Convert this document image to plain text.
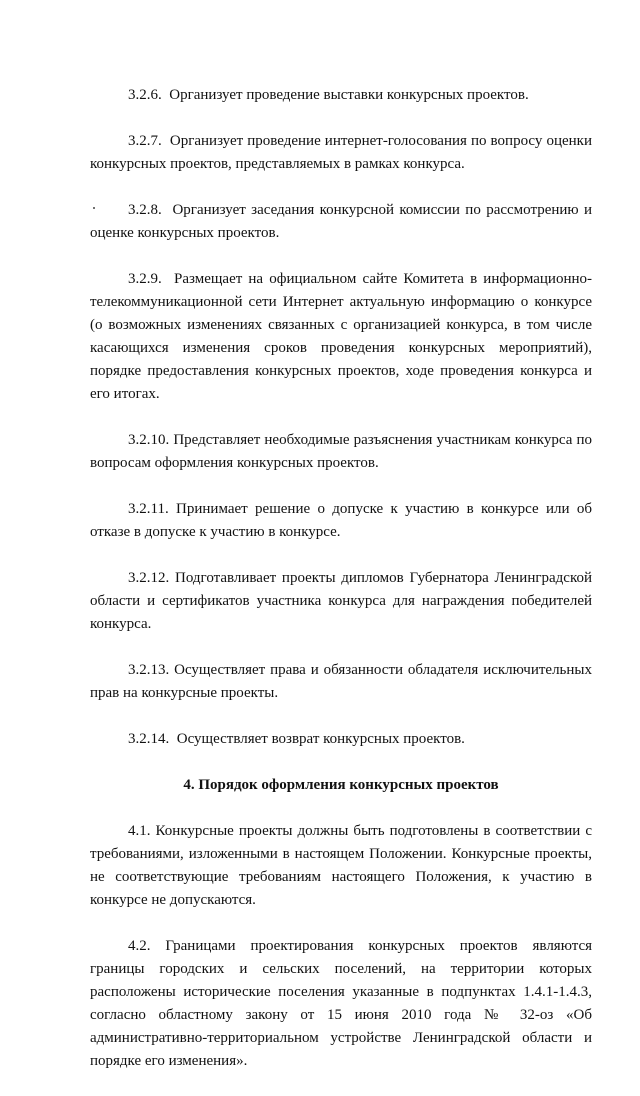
3.2.6. Организует проведение выставки конкурсных проектов.

3.2.7. Организует проведение интернет-голосования по вопросу оценки конкурсных проектов, представляемых в рамках конкурса.

3.2.8. Организует заседания конкурсной комиссии по рассмотрению и оценке конкурсных проектов.

3.2.9. Размещает на официальном сайте Комитета в информационно-телекоммуникационной сети Интернет актуальную информацию о конкурсе (о возможных изменениях связанных с организацией конкурса, в том числе касающихся изменения сроков проведения конкурсных мероприятий), порядке предоставления конкурсных проектов, ходе проведения конкурса и его итогах.

3.2.10. Представляет необходимые разъяснения участникам конкурса по вопросам оформления конкурсных проектов.

3.2.11. Принимает решение о допуске к участию в конкурсе или об отказе в допуске к участию в конкурсе.

3.2.12. Подготавливает проекты дипломов Губернатора Ленинградской области и сертификатов участника конкурса для награждения победителей конкурса.

3.2.13. Осуществляет права и обязанности обладателя исключительных прав на конкурсные проекты.

3.2.14. Осуществляет возврат конкурсных проектов.

4. Порядок оформления конкурсных проектов

4.1. Конкурсные проекты должны быть подготовлены в соответствии с требованиями, изложенными в настоящем Положении. Конкурсные проекты, не соответствующие требованиям настоящего Положения, к участию в конкурсе не допускаются.

4.2. Границами проектирования конкурсных проектов являются границы городских и сельских поселений, на территории которых расположены исторические поселения указанные в подпунктах 1.4.1-1.4.3, согласно областному закону от 15 июня 2010 года № 32-оз «Об административно-территориальном устройстве Ленинградской области и порядке его изменения».
